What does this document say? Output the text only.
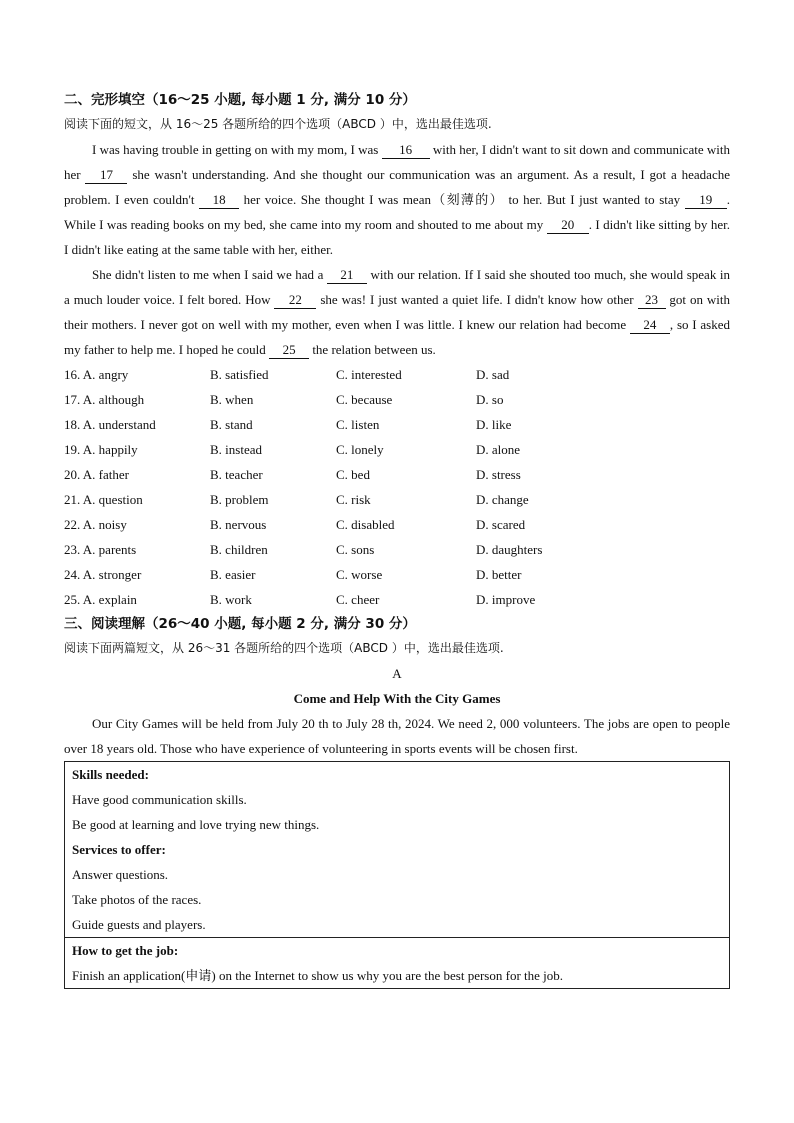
二、完形填空（16～25 小题, 每小题 1 分, 满分 10 分）
阅读下面的短文，从 16～25 各题所给的四个选项（ABCD ）中，选出最佳选项.

I was having trouble in getting on with my mom, I was 16 with her, I didn't want to sit down and communicate with her 17 she wasn't understanding. And she thought our communication was an argument. As a result, I got a headache problem. I even couldn't 18 her voice. She thought I was mean（刻薄的） to her. But I just wanted to stay 19 . While I was reading books on my bed, she came into my room and shouted to me about my 20 . I didn't like sitting by her. I didn't like eating at the same table with her, either.

She didn't listen to me when I said we had a 21 with our relation. If I said she shouted too much, she would speak in a much louder voice. I felt bored. How 22 she was! I just wanted a quiet life. I didn't know how other 23 got on with their mothers. I never got on well with my mother, even when I was little. I knew our relation had become 24 , so I asked my father to help me. I hoped he could 25 the relation between us.

16. A. angry	B. satisfied	C. interested	D. sad
17. A. although	B. when	C. because	D. so
18. A. understand	B. stand	C. listen	D. like
19. A. happily	B. instead	C. lonely	D. alone
20. A. father	B. teacher	C. bed	D. stress
21. A. question	B. problem	C. risk	D. change
22. A. noisy	B. nervous	C. disabled	D. scared
23. A. parents	B. children	C. sons	D. daughters
24. A. stronger	B. easier	C. worse	D. better
25. A. explain	B. work	C. cheer	D. improve
三、阅读理解（26～40 小题, 每小题 2 分, 满分 30 分）
阅读下面两篇短文，从 26～31 各题所给的四个选项（ABCD ）中，选出最佳选项.
A
Come and Help With the City Games

Our City Games will be held from July 20 th to July 28 th, 2024. We need 2, 000 volunteers. The jobs are open to people over 18 years old. Those who have experience of volunteering in sports events will be chosen first.

Skills needed:
Have good communication skills.
Be good at learning and love trying new things.
Services to offer:
Answer questions.
Take photos of the races.
Guide guests and players.

How to get the job:
Finish an application(申请) on the Internet to show us why you are the best person for the job.
